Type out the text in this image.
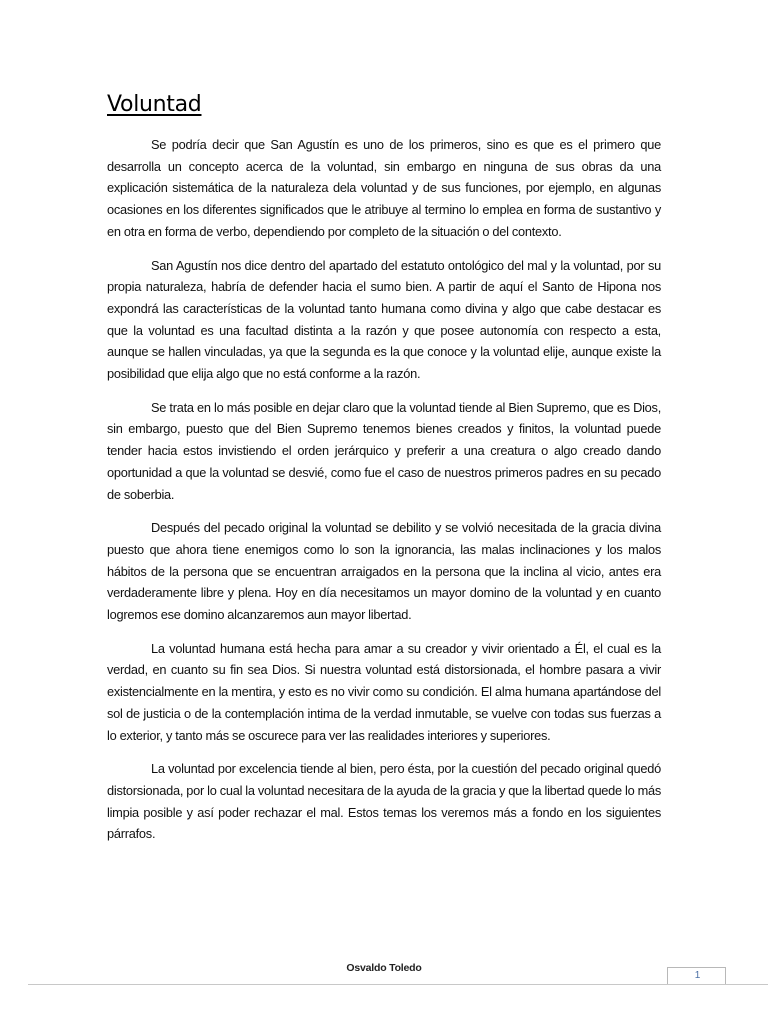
Voluntad

Se podría decir que San Agustín es uno de los primeros, sino es que es el primero que desarrolla un concepto acerca de la voluntad, sin embargo en ninguna de sus obras da una explicación sistemática de la naturaleza dela voluntad y de sus funciones, por ejemplo, en algunas ocasiones en los diferentes significados que le atribuye al termino lo emplea en forma de sustantivo y en otra en forma de verbo, dependiendo por completo de la situación o del contexto.

San Agustín nos dice dentro del apartado del estatuto ontológico del mal y la voluntad, por su propia naturaleza, habría de defender hacia el sumo bien. A partir de aquí el Santo de Hipona nos expondrá las características de la voluntad tanto humana como divina y algo que cabe destacar es que la voluntad es una facultad distinta a la razón y que posee autonomía con respecto a esta, aunque se hallen vinculadas, ya que la segunda es la que conoce y la voluntad elije, aunque existe la posibilidad que elija algo que no está conforme a la razón.

Se trata en lo más posible en dejar claro que la voluntad tiende al Bien Supremo, que es Dios, sin embargo, puesto que del Bien Supremo tenemos bienes creados y finitos, la voluntad puede tender hacia estos invistiendo el orden jerárquico y preferir a una creatura o algo creado dando oportunidad a que la voluntad se desvié, como fue el caso de nuestros primeros padres en su pecado de soberbia.

Después del pecado original la voluntad se debilito y se volvió necesitada de la gracia divina puesto que ahora tiene enemigos como lo son la ignorancia, las malas inclinaciones y los malos hábitos de la persona que se encuentran arraigados en la persona que la inclina al vicio, antes era verdaderamente libre y plena. Hoy en día necesitamos un mayor domino de la voluntad y en cuanto logremos ese domino alcanzaremos aun mayor libertad.

La voluntad humana está hecha para amar a su creador y vivir orientado a Él, el cual es la verdad, en cuanto su fin sea Dios. Si nuestra voluntad está distorsionada, el hombre pasara a vivir existencialmente en la mentira, y esto es no vivir como su condición. El alma humana apartándose del sol de justicia o de la contemplación intima de la verdad inmutable, se vuelve con todas sus fuerzas a lo exterior, y tanto más se oscurece para ver las realidades interiores y superiores.

La voluntad por excelencia tiende al bien, pero ésta, por la cuestión del pecado original quedó distorsionada, por lo cual la voluntad necesitara de la ayuda de la gracia y que la libertad quede lo más limpia posible y así poder rechazar el mal. Estos temas los veremos más a fondo en los siguientes párrafos.

Osvaldo Toledo
1
